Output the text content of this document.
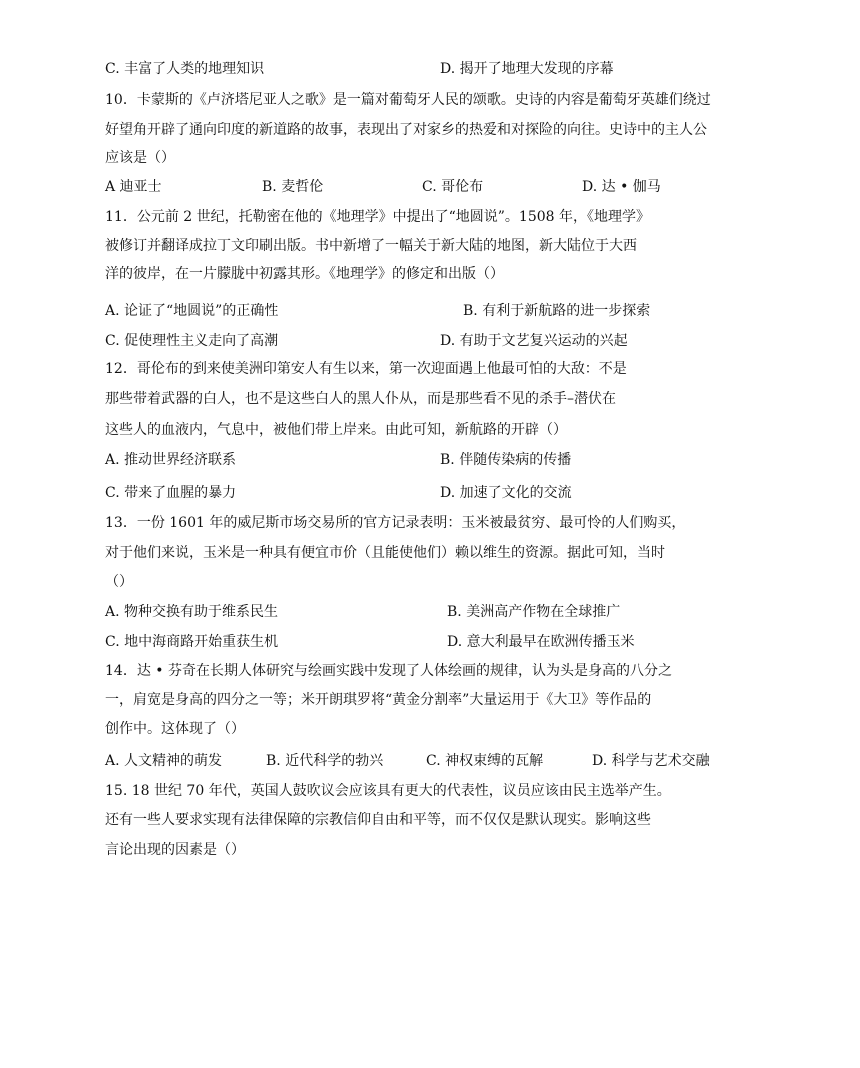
C. 丰富了人类的地理知识	D. 揭开了地理大发现的序幕
10．卡蒙斯的《卢济塔尼亚人之歌》是一篇对葡萄牙人民的颂歌。史诗的内容是葡萄牙英雄们绕过
好望角开辟了通向印度的新道路的故事，表现出了对家乡的热爱和对探险的向往。史诗中的主人公
应该是（）
A 迪亚士	B. 麦哲伦	C. 哥伦布	D. 达 • 伽马
11．公元前 2 世纪，托勒密在他的《地理学》中提出了“地圆说”。1508 年，《地理学》
被修订并翻译成拉丁文印刷出版。书中新增了一幅关于新大陆的地图，新大陆位于大西
洋的彼岸，在一片朦胧中初露其形。《地理学》的修定和出版（）
A. 论证了“地圆说”的正确性	B. 有利于新航路的进一步探索
C. 促使理性主义走向了高潮	D. 有助于文艺复兴运动的兴起
12．哥伦布的到来使美洲印第安人有生以来，第一次迎面遇上他最可怕的大敌：不是
那些带着武器的白人，也不是这些白人的黑人仆从，而是那些看不见的杀手–潜伏在
这些人的血液内，气息中，被他们带上岸来。由此可知，新航路的开辟（）
A. 推动世界经济联系	B. 伴随传染病的传播
C. 带来了血腥的暴力	D. 加速了文化的交流
13．一份 1601 年的威尼斯市场交易所的官方记录表明：玉米被最贫穷、最可怜的人们购买，
对于他们来说，玉米是一种具有便宜市价（且能使他们）赖以维生的资源。据此可知，当时
（）
A. 物种交换有助于维系民生	B. 美洲高产作物在全球推广
C. 地中海商路开始重获生机	D. 意大利最早在欧洲传播玉米
14．达 • 芬奇在长期人体研究与绘画实践中发现了人体绘画的规律，认为头是身高的八分之
一，肩宽是身高的四分之一等；米开朗琪罗将“黄金分割率”大量运用于《大卫》等作品的
创作中。这体现了（）
A. 人文精神的萌发	B. 近代科学的勃兴	C. 神权束缚的瓦解	D. 科学与艺术交融
15. 18 世纪 70 年代，英国人鼓吹议会应该具有更大的代表性，议员应该由民主选举产生。
还有一些人要求实现有法律保障的宗教信仰自由和平等，而不仅仅是默认现实。影响这些
言论出现的因素是（）
